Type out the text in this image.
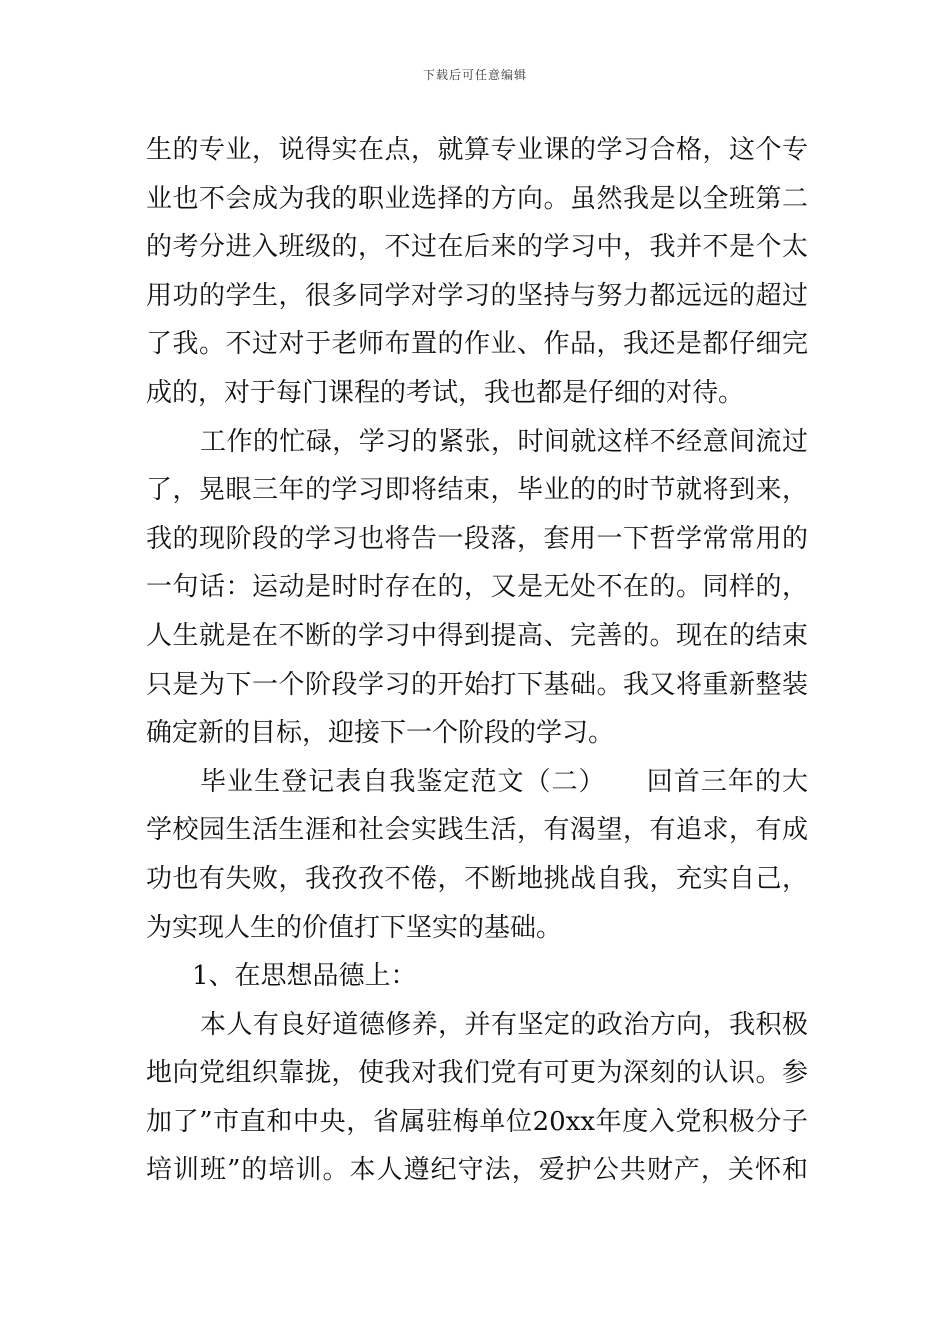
下载后可任意编辑
生的专业，说得实在点，就算专业课的学习合格，这个专
业也不会成为我的职业选择的方向。虽然我是以全班第二
的考分进入班级的，不过在后来的学习中，我并不是个太
用功的学生，很多同学对学习的坚持与努力都远远的超过
了我。不过对于老师布置的作业、作品，我还是都仔细完
成的，对于每门课程的考试，我也都是仔细的对待。
工作的忙碌，学习的紧张，时间就这样不经意间流过
了，晃眼三年的学习即将结束，毕业的的时节就将到来，
我的现阶段的学习也将告一段落，套用一下哲学常常用的
一句话：运动是时时存在的，又是无处不在的。同样的，
人生就是在不断的学习中得到提高、完善的。现在的结束
只是为下一个阶段学习的开始打下基础。我又将重新整装
确定新的目标，迎接下一个阶段的学习。
毕业生登记表自我鉴定范文（二）　　回首三年的大
学校园生活生涯和社会实践生活，有渴望，有追求，有成
功也有失败，我孜孜不倦，不断地挑战自我，充实自己，
为实现人生的价值打下坚实的基础。
1、在思想品德上：
本人有良好道德修养，并有坚定的政治方向，我积极
地向党组织靠拢，使我对我们党有可更为深刻的认识。参
加了”市直和中央，省属驻梅单位20xx年度入党积极分子
培训班”的培训。本人遵纪守法，爱护公共财产，关怀和
